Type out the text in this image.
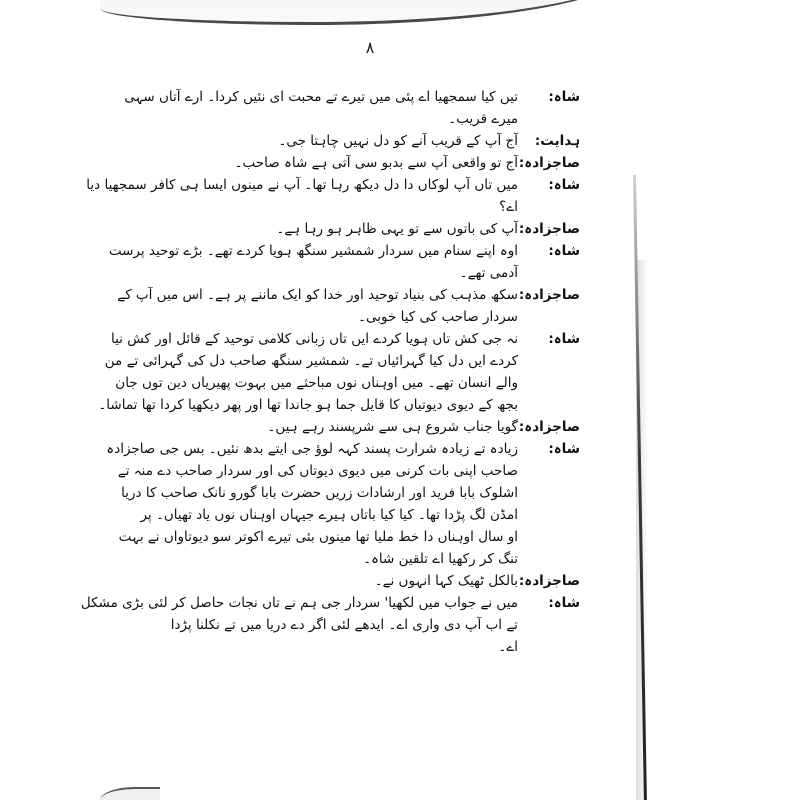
۸
شاہ:
تیں کیا سمجھیا اے پئی میں تیرے تے محبت ای نئیں کردا۔ ارے آتاں سہی
میرے قریب۔
ہدایت:
آج آپ کے قریب آنے کو دل نہیں چاہتا جی۔
صاجزادہ:
آج تو واقعی آپ سے بدبو سی آتی ہے شاہ صاحب۔
شاہ:
میں تاں آپ لوکاں دا دل دیکھ رہا تھا۔ آپ نے مینوں ایسا ہی کافر سمجھیا دیا
اے؟
صاجزادہ:
آپ کی باتوں سے تو یہی ظاہر ہو رہا ہے۔
شاہ:
اوہ اپنے سنام میں سردار شمشیر سنگھ ہویا کردے تھے۔ بڑے توحید پرست
آدمی تھے۔
صاجزادہ:
سکھ مذہب کی بنیاد توحید اور خدا کو ایک ماننے پر ہے۔ اس میں آپ کے
سردار صاحب کی کیا خوبی۔
شاہ:
نہ جی کش تاں ہویا کردے ایں تاں زبانی کلامی توحید کے قائل اور کش نیا
کردے ایں دل کیا گہرائیاں تے۔ شمشیر سنگھ صاحب دل کی گہرائی تے من
والے انسان تھے۔ میں اوہناں نوں مباحثے میں بہوت پھیریاں دین توں جان
بجھ کے دیوی دیوتیاں کا قایل جما ہو جاندا تھا اور پھر دیکھیا کردا تھا تماشا۔
صاجزادہ:
گویا جناب شروع ہی سے شرپسند رہے ہیں۔
شاہ:
زیادہ تے زیادہ شرارت پسند کہہ لوؤ جی ایتے بدھ نئیں۔ بس جی صاجزادہ
صاحب اپنی بات کرنی میں دیوی دیوتاں کی اور سردار صاحب دے منہ تے
اشلوک بابا فرید اور ارشادات زریں حضرت بابا گورو نانک صاحب کا دریا
امڈن لگ پڑدا تھا۔ کیا کیا باتاں ہیرے جیہاں اوہناں نوں یاد تھیاں۔ پر
او سال اوہناں دا خط ملیا تھا مینوں بئی تیرے اکوتر سو دیوتاواں نے بہت
تنگ کر رکھیا اے تلقین شاہ۔
صاجزادہ:
بالکل ٹھیک کہا انہوں نے۔
شاہ:
میں نے جواب میں لکھیا' سردار جی ہم نے تاں نجات حاصل کر لئی بڑی مشکل
تے اب آپ دی واری اے۔ ایدھے لئی اگر دے دریا میں تے نکلنا پڑدا
اے۔
